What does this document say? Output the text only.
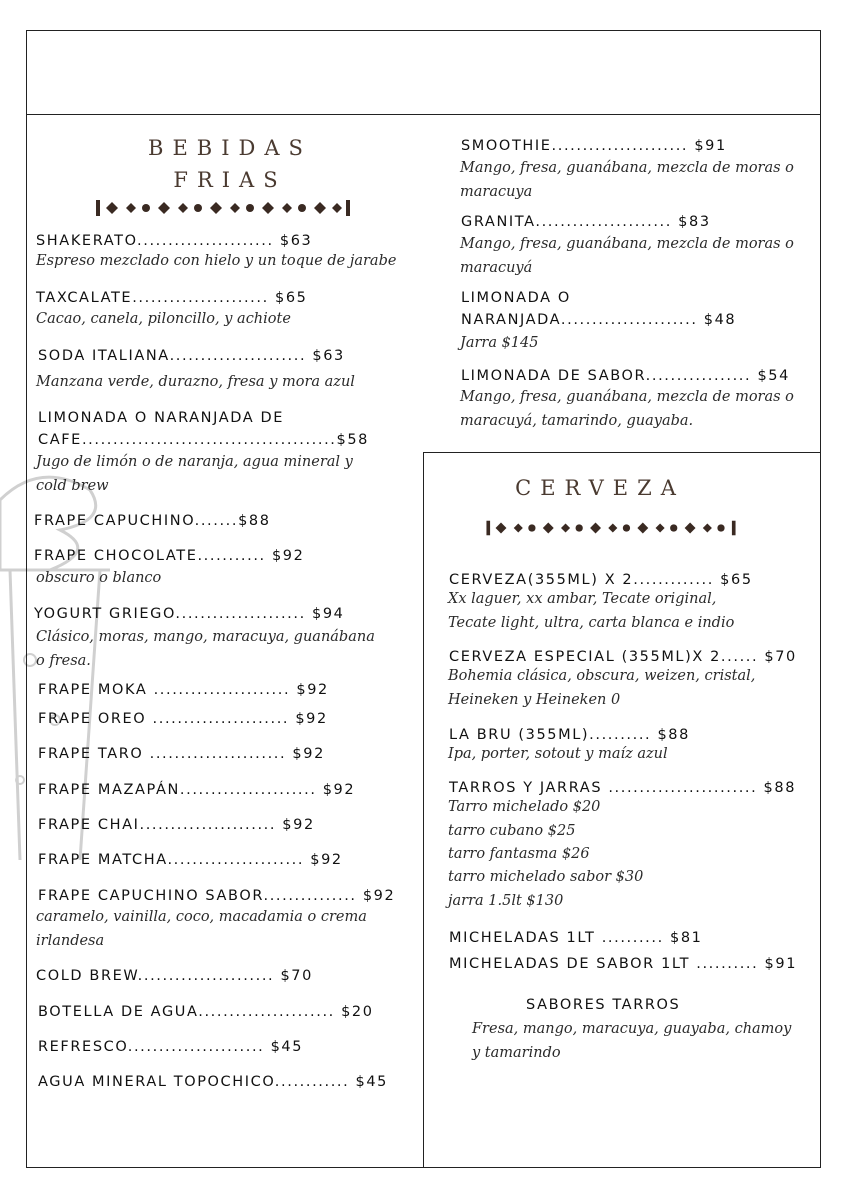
BEBIDAS
FRIAS
SHAKERATO...................... $63
Espreso mezclado con hielo y un toque de jarabe
TAXCALATE...................... $65
Cacao, canela, piloncillo, y achiote
SODA ITALIANA...................... $63
Manzana verde, durazno, fresa y mora azul
LIMONADA O NARANJADA DE
CAFE.........................................$58
Jugo de limón o de naranja, agua mineral y cold brew
FRAPE CAPUCHINO.......$88
FRAPE CHOCOLATE........... $92
obscuro o blanco
YOGURT GRIEGO..................... $94
Clásico, moras, mango, maracuya, guanábana o fresa.
FRAPE MOKA ...................... $92
FRAPE OREO ...................... $92
FRAPE TARO ...................... $92
FRAPE MAZAPÁN...................... $92
FRAPE CHAI...................... $92
FRAPE MATCHA...................... $92
FRAPE CAPUCHINO SABOR............... $92
caramelo, vainilla, coco, macadamia o crema irlandesa
COLD BREW...................... $70
BOTELLA DE AGUA...................... $20
REFRESCO...................... $45
AGUA MINERAL TOPOCHICO............ $45
SMOOTHIE...................... $91
Mango, fresa, guanábana, mezcla de moras o maracuya
GRANITA...................... $83
Mango, fresa, guanábana, mezcla de moras o maracuyá
LIMONADA O
NARANJADA...................... $48
Jarra $145
LIMONADA DE SABOR................. $54
Mango, fresa, guanábana, mezcla de moras o maracuyá, tamarindo, guayaba.
CERVEZA
CERVEZA(355ML) X 2............. $65
Xx laguer, xx ambar, Tecate original, Tecate light, ultra, carta blanca e indio
CERVEZA ESPECIAL (355ML)X 2...... $70
Bohemia clásica, obscura, weizen, cristal, Heineken y Heineken 0
LA BRU (355ML).......... $88
Ipa, porter, sotout y maíz azul
TARROS Y JARRAS ........................ $88
Tarro michelado $20
tarro cubano $25
tarro fantasma $26
tarro michelado sabor $30
jarra 1.5lt $130
MICHELADAS 1LT .......... $81
MICHELADAS DE SABOR 1LT .......... $91
SABORES TARROS
Fresa, mango, maracuya, guayaba, chamoy y tamarindo
